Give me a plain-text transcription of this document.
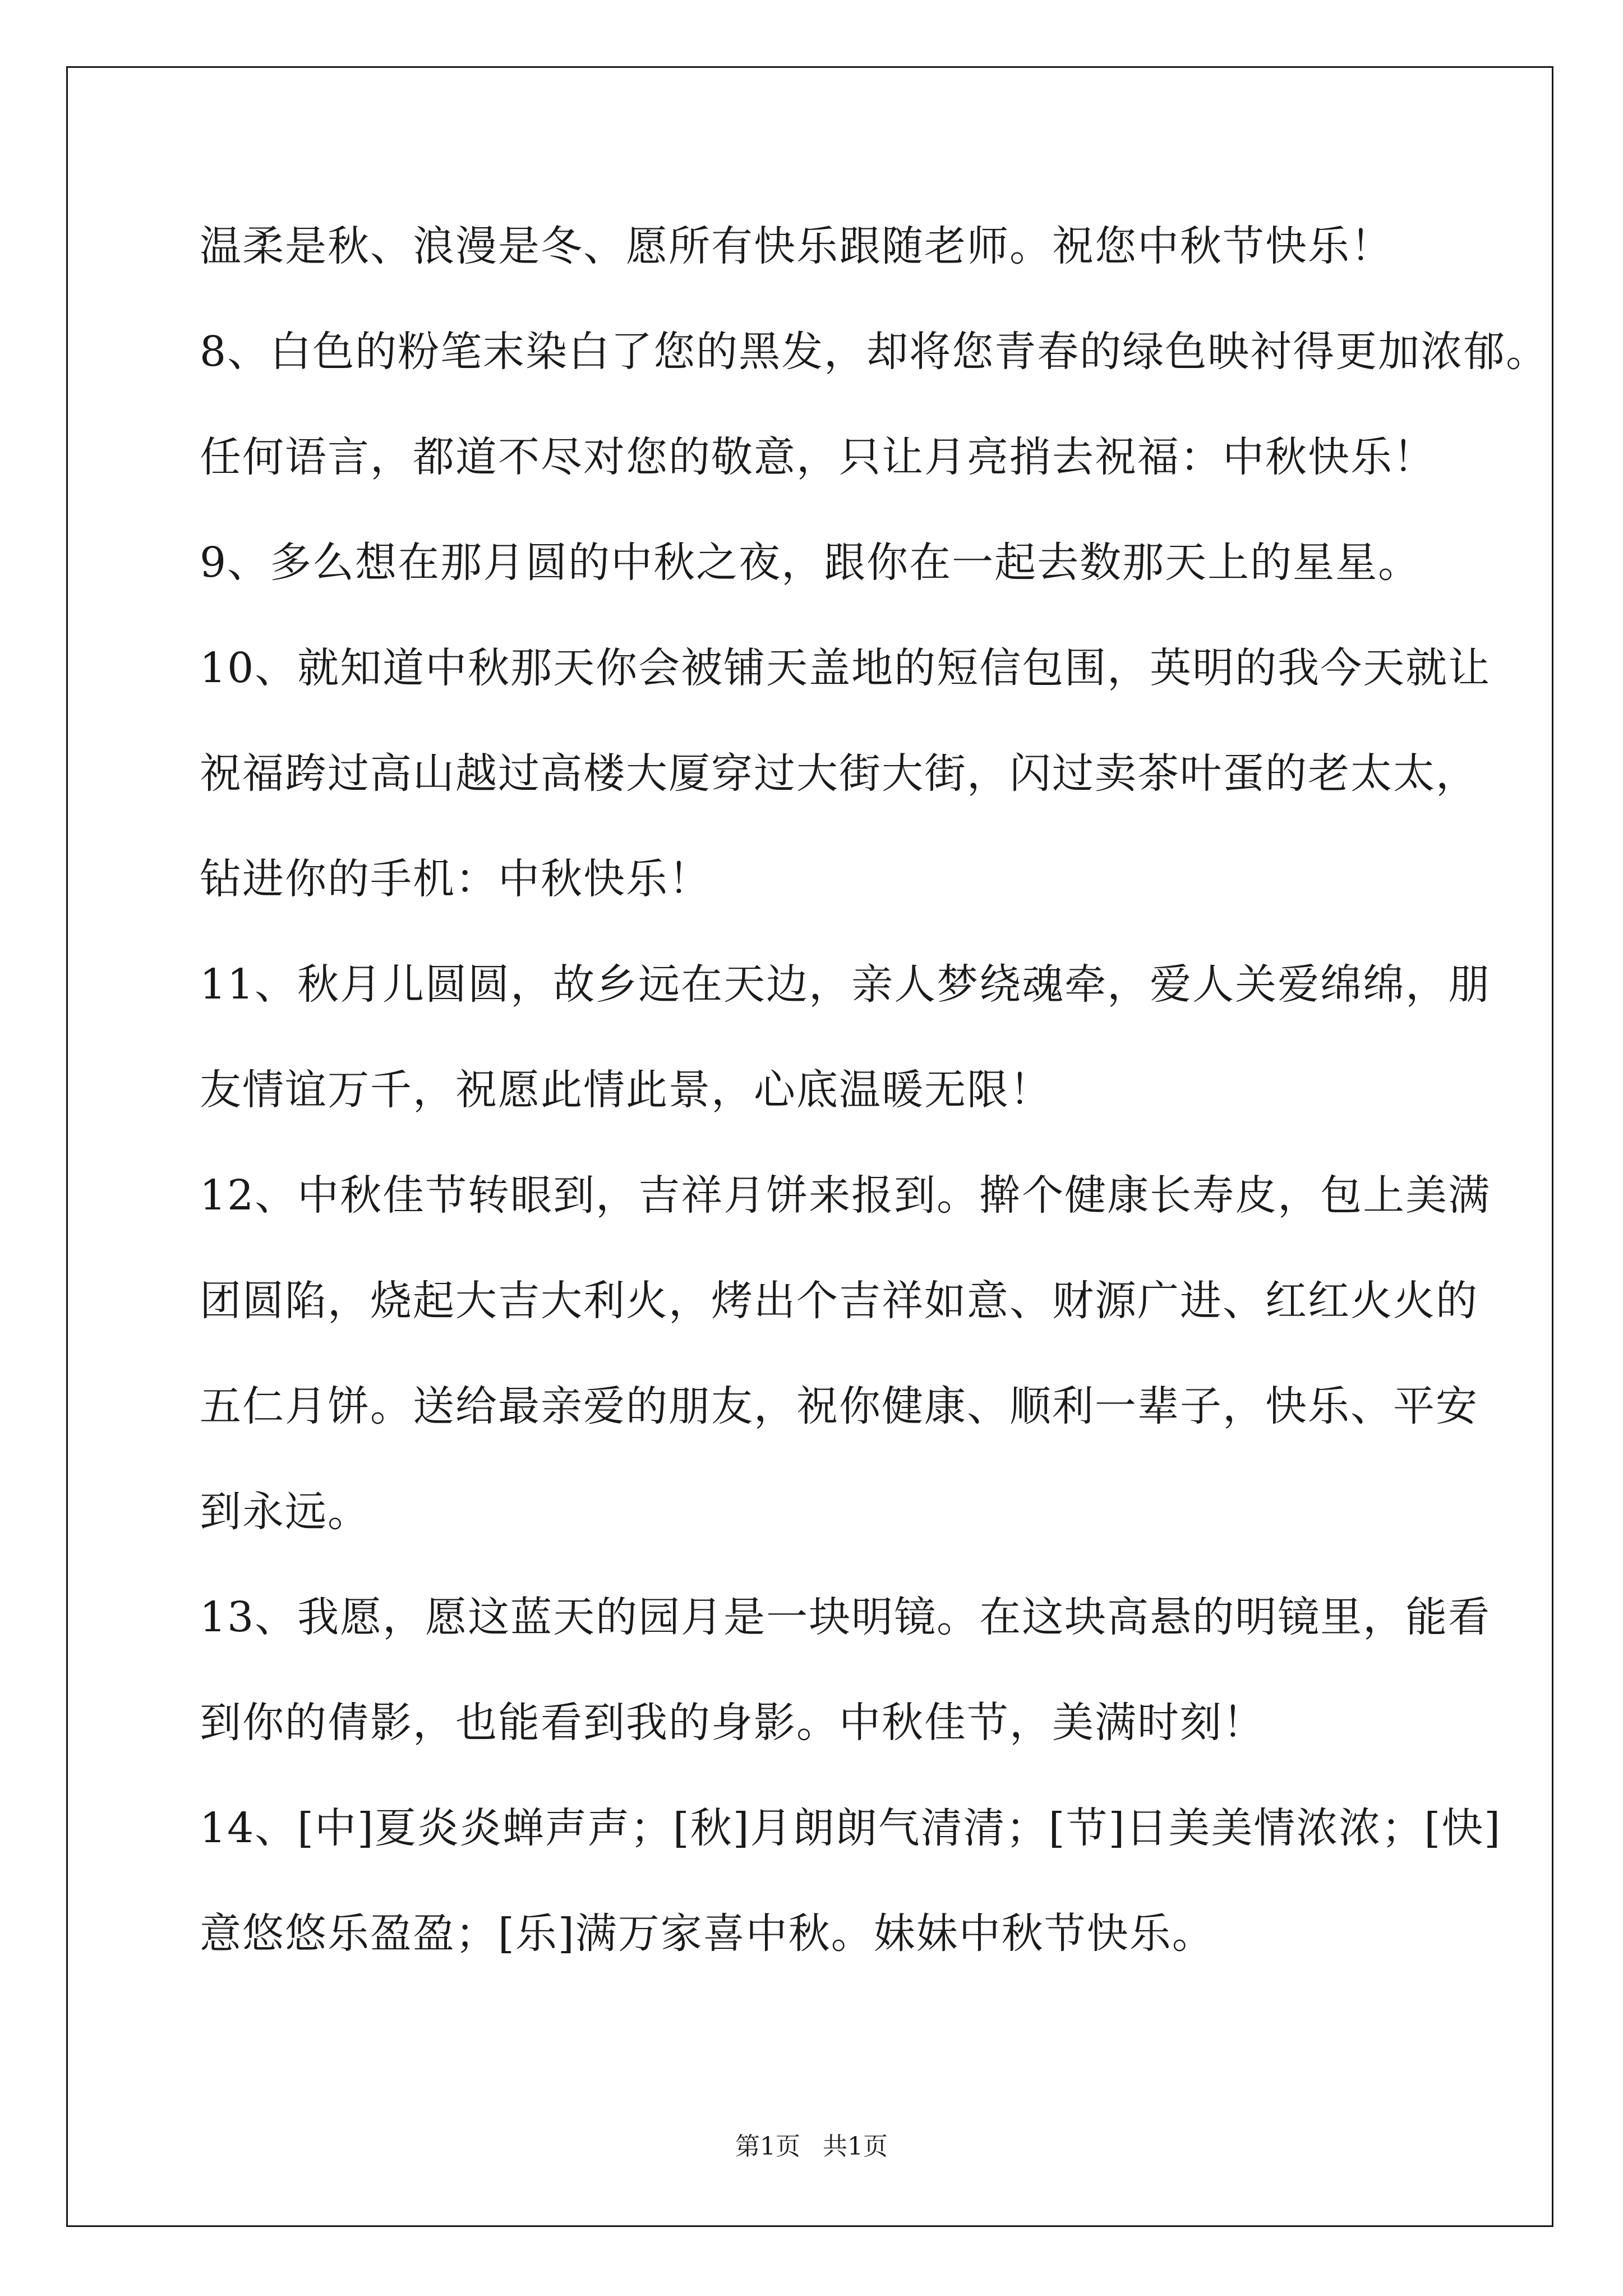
温柔是秋、浪漫是冬、愿所有快乐跟随老师。祝您中秋节快乐！
8、白色的粉笔末染白了您的黑发，却将您青春的绿色映衬得更加浓郁。
任何语言，都道不尽对您的敬意，只让月亮捎去祝福：中秋快乐！
9、多么想在那月圆的中秋之夜，跟你在一起去数那天上的星星。
10、就知道中秋那天你会被铺天盖地的短信包围，英明的我今天就让
祝福跨过高山越过高楼大厦穿过大街大街，闪过卖茶叶蛋的老太太，
钻进你的手机：中秋快乐！
11、秋月儿圆圆，故乡远在天边，亲人梦绕魂牵，爱人关爱绵绵，朋
友情谊万千，祝愿此情此景，心底温暖无限！
12、中秋佳节转眼到，吉祥月饼来报到。擀个健康长寿皮，包上美满
团圆陷，烧起大吉大利火，烤出个吉祥如意、财源广进、红红火火的
五仁月饼。送给最亲爱的朋友，祝你健康、顺利一辈子，快乐、平安
到永远。
13、我愿，愿这蓝天的园月是一块明镜。在这块高悬的明镜里，能看
到你的倩影，也能看到我的身影。中秋佳节，美满时刻！
14、[中]夏炎炎蝉声声；[秋]月朗朗气清清；[节]日美美情浓浓；[快]
意悠悠乐盈盈；[乐]满万家喜中秋。妹妹中秋节快乐。
第1页 共1页
